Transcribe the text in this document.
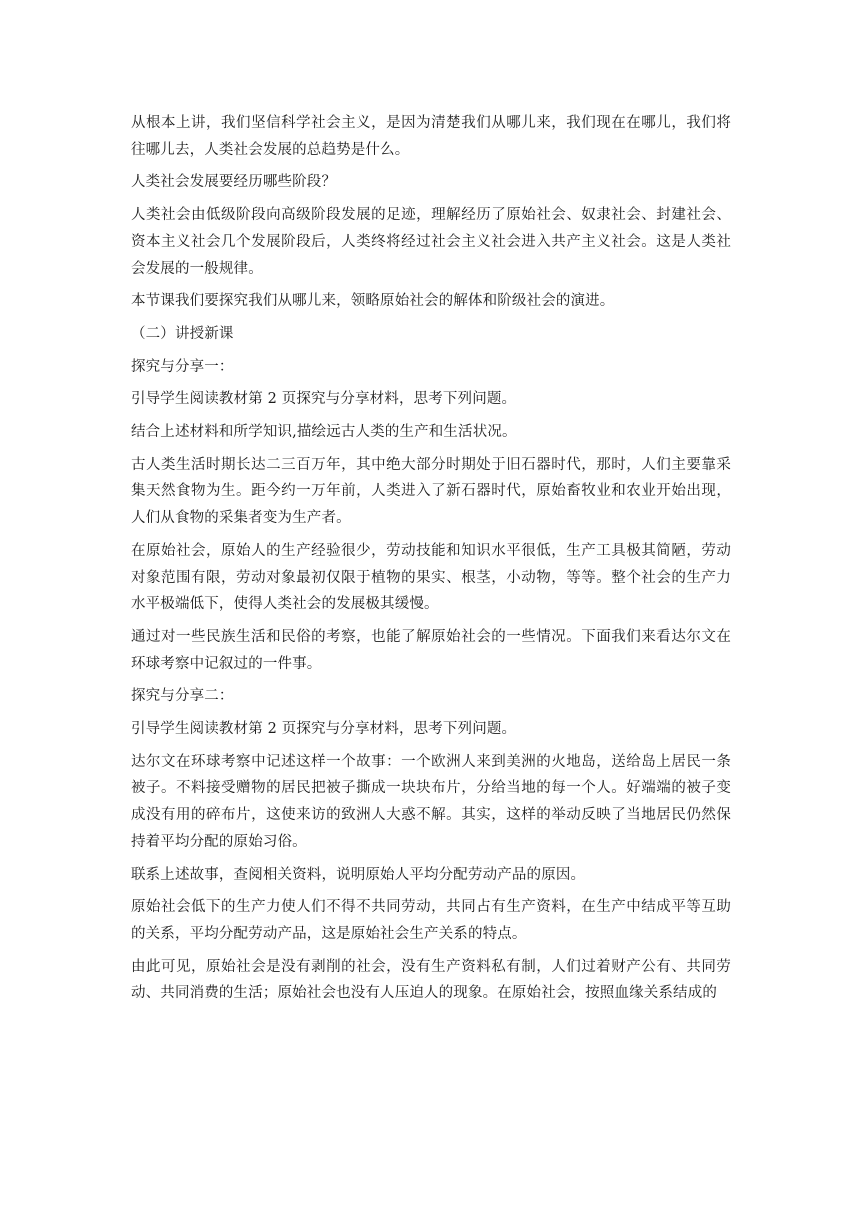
从根本上讲，我们坚信科学社会主义，是因为清楚我们从哪儿来，我们现在在哪儿，我们将往哪儿去，人类社会发展的总趋势是什么。

人类社会发展要经历哪些阶段？

人类社会由低级阶段向高级阶段发展的足迹，理解经历了原始社会、奴隶社会、封建社会、资本主义社会几个发展阶段后，人类终将经过社会主义社会进入共产主义社会。这是人类社会发展的一般规律。

本节课我们要探究我们从哪儿来，领略原始社会的解体和阶级社会的演进。

（二）讲授新课

探究与分享一：

引导学生阅读教材第 2 页探究与分享材料，思考下列问题。

结合上述材料和所学知识,描绘远古人类的生产和生活状况。

古人类生活时期长达二三百万年，其中绝大部分时期处于旧石器时代，那时，人们主要靠采集天然食物为生。距今约一万年前，人类进入了新石器时代，原始畜牧业和农业开始出现，人们从食物的采集者变为生产者。

在原始社会，原始人的生产经验很少，劳动技能和知识水平很低，生产工具极其简陋，劳动对象范围有限，劳动对象最初仅限于植物的果实、根茎，小动物，等等。整个社会的生产力水平极端低下，使得人类社会的发展极其缓慢。

通过对一些民族生活和民俗的考察，也能了解原始社会的一些情况。下面我们来看达尔文在环球考察中记叙过的一件事。

探究与分享二：

引导学生阅读教材第 2 页探究与分享材料，思考下列问题。

达尔文在环球考察中记述这样一个故事：一个欧洲人来到美洲的火地岛，送给岛上居民一条被子。不料接受赠物的居民把被子撕成一块块布片，分给当地的每一个人。好端端的被子变成没有用的碎布片，这使来访的致洲人大惑不解。其实，这样的举动反映了当地居民仍然保持着平均分配的原始习俗。

联系上述故事，查阅相关资料，说明原始人平均分配劳动产品的原因。

原始社会低下的生产力使人们不得不共同劳动，共同占有生产资料，在生产中结成平等互助的关系，平均分配劳动产品，这是原始社会生产关系的特点。

由此可见，原始社会是没有剥削的社会，没有生产资料私有制，人们过着财产公有、共同劳动、共同消费的生活；原始社会也没有人压迫人的现象。在原始社会，按照血缘关系结成的
